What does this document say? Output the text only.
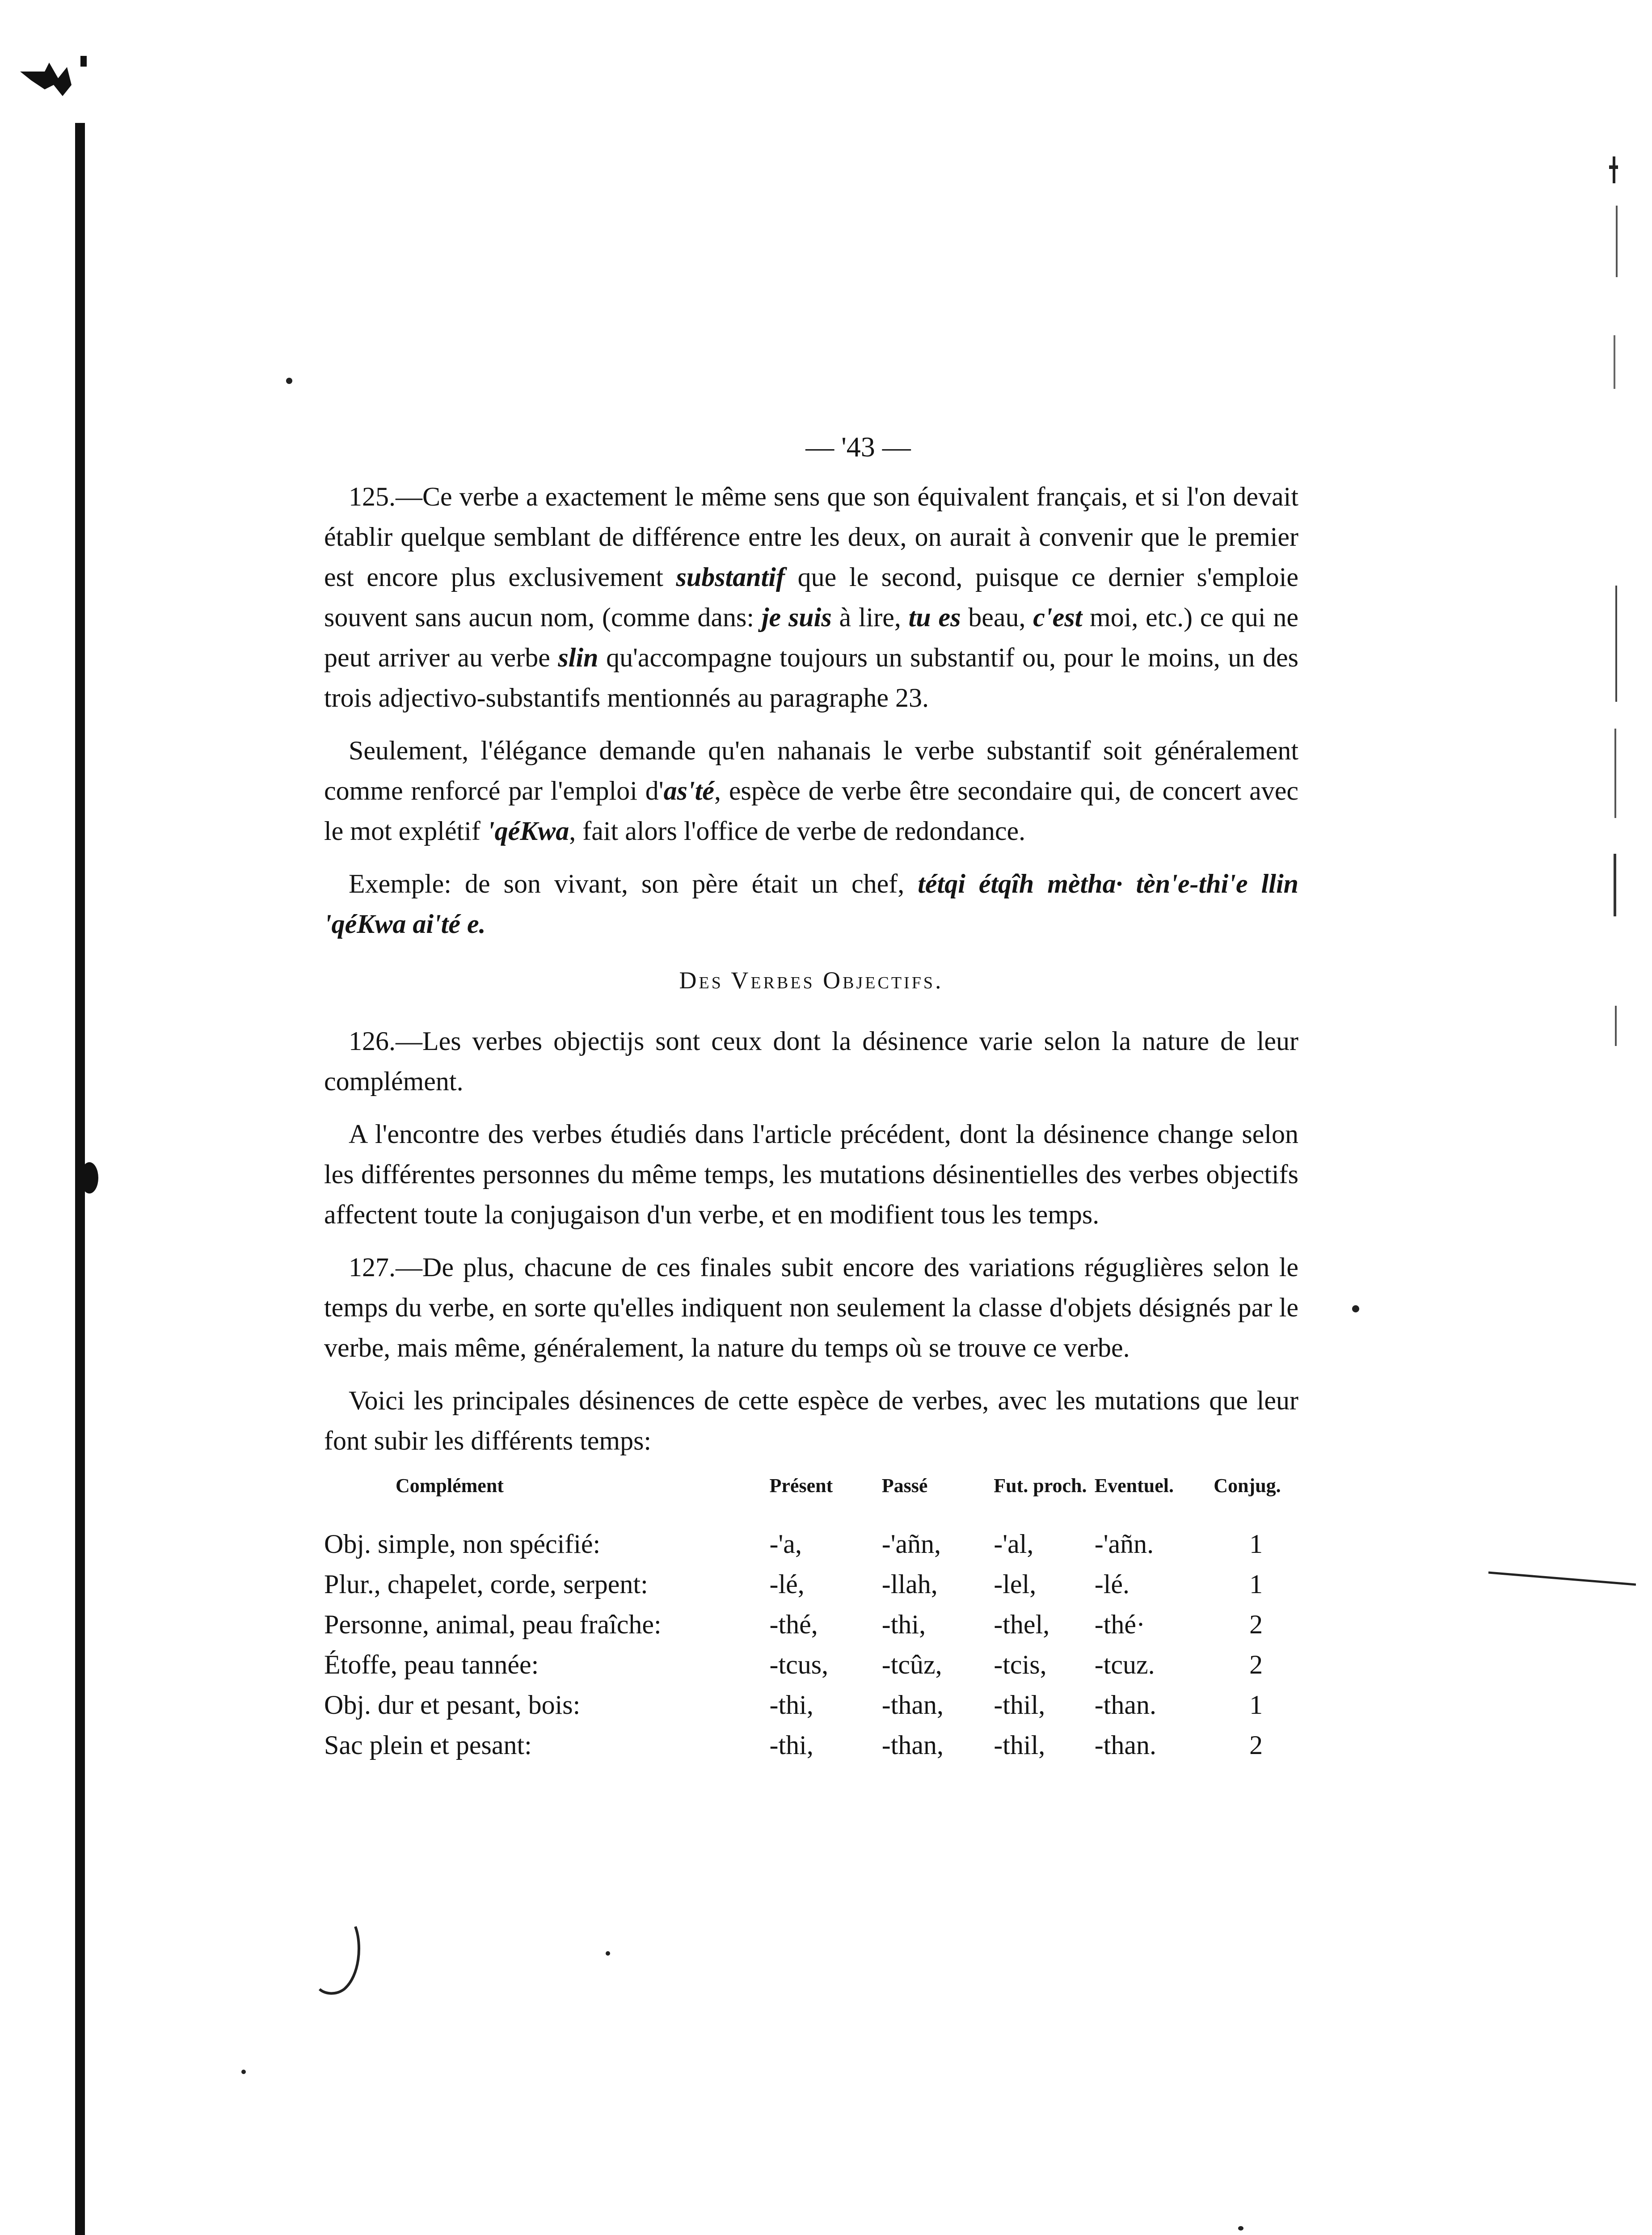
— '43 —

125.—Ce verbe a exactement le même sens que son équivalent français, et si l'on devait établir quelque semblant de différence entre les deux, on aurait à convenir que le premier est encore plus exclusivement substantif que le second, puisque ce dernier s'emploie souvent sans aucun nom, (comme dans: je suis à lire, tu es beau, c'est moi, etc.) ce qui ne peut arriver au verbe slin qu'accompagne toujours un substantif ou, pour le moins, un des trois adjectivo-substantifs mentionnés au paragraphe 23.

Seulement, l'élégance demande qu'en nahanais le verbe substantif soit généralement comme renforcé par l'emploi d'as'té, espèce de verbe être secondaire qui, de concert avec le mot explétif 'qéKwa, fait alors l'office de verbe de redondance.

Exemple: de son vivant, son père était un chef, tétqi étqîh mètha· tèn'e-thi'e llin 'qéKwa ai'té e.

Des Verbes Objectifs.

126.—Les verbes objectijs sont ceux dont la désinence varie selon la nature de leur complément.

A l'encontre des verbes étudiés dans l'article précédent, dont la désinence change selon les différentes personnes du même temps, les mutations désinentielles des verbes objectifs affectent toute la conjugaison d'un verbe, et en modifient tous les temps.

127.—De plus, chacune de ces finales subit encore des variations réguglières selon le temps du verbe, en sorte qu'elles indiquent non seulement la classe d'objets désignés par le verbe, mais même, généralement, la nature du temps où se trouve ce verbe.

Voici les principales désinences de cette espèce de verbes, avec les mutations que leur font subir les différents temps:

Complément	Présent	Passé	Fut. proch.	Eventuel.	Conjug.
Obj. simple, non spécifié:	-'a,	-'añn,	-'al,	-'añn.	1
Plur., chapelet, corde, serpent:	-lé,	-llah,	-lel,	-lé.	1
Personne, animal, peau fraîche:	-thé,	-thi,	-thel,	-thé·	2
Étoffe, peau tannée:	-tcus,	-tcûz,	-tcis,	-tcuz.	2
Obj. dur et pesant, bois:	-thi,	-than,	-thil,	-than.	1
Sac plein et pesant:	-thi,	-than,	-thil,	-than.	2
